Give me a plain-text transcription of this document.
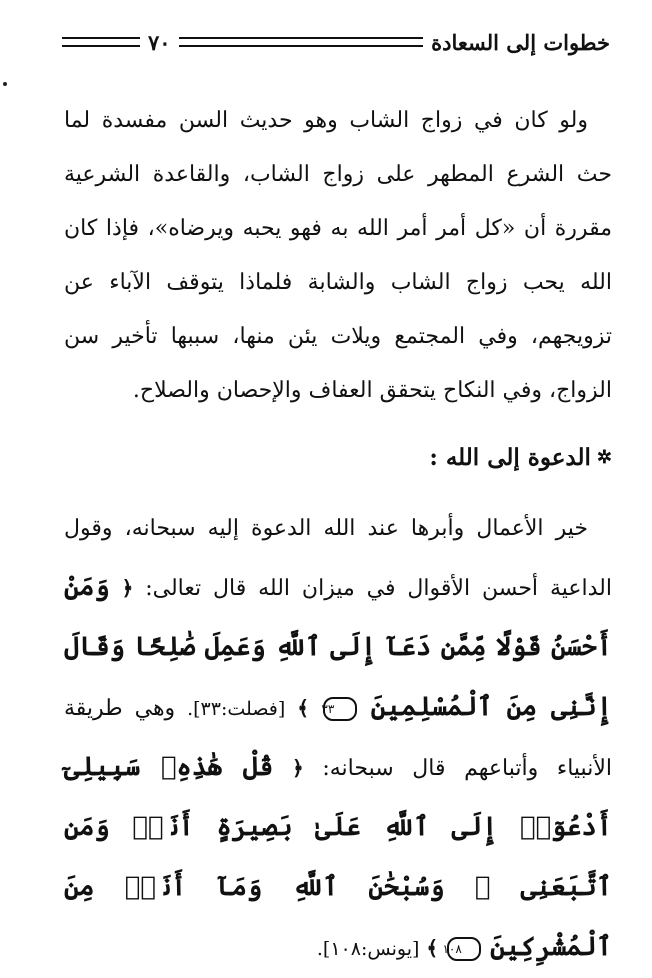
خطوات إلى السعادة
٧٠

ولو كان في زواج الشاب وهو حديث السن مفسدة لما حث الشرع المطهر على زواج الشاب، والقاعدة الشرعية مقررة أن «كل أمر أمر الله به فهو يحبه ويرضاه»، فإذا كان الله يحب زواج الشاب والشابة فلماذا يتوقف الآباء عن تزويجهم، وفي المجتمع ويلات يئن منها، سببها تأخير سن الزواج، وفي النكاح يتحقق العفاف والإحصان والصلاح.

✲
الدعوة إلى الله :

خير الأعمال وأبرها عند الله الدعوة إليه سبحانه، وقول الداعية أحسن الأقوال في ميزان الله قال تعالى: ﴿ وَمَنْ أَحْسَنُ قَوْلًا مِّمَّن دَعَآ إِلَى ٱللَّهِ وَعَمِلَ صَٰلِحًا وَقَالَ إِنَّنِى مِنَ ٱلْمُسْلِمِينَ ٣٣ ﴾ [فصلت:٣٣]. وهي طريقة الأنبياء وأتباعهم قال سبحانه: ﴿ قُلْ هَٰذِهِۦ سَبِيلِىٓ أَدْعُوٓا۟ إِلَى ٱللَّهِ عَلَىٰ بَصِيرَةٍ أَنَا۠ وَمَنِ ٱتَّبَعَنِى ۖ وَسُبْحَٰنَ ٱللَّهِ وَمَآ أَنَا۠ مِنَ ٱلْمُشْرِكِينَ ١٠٨ ﴾ [يونس:١٠٨].
